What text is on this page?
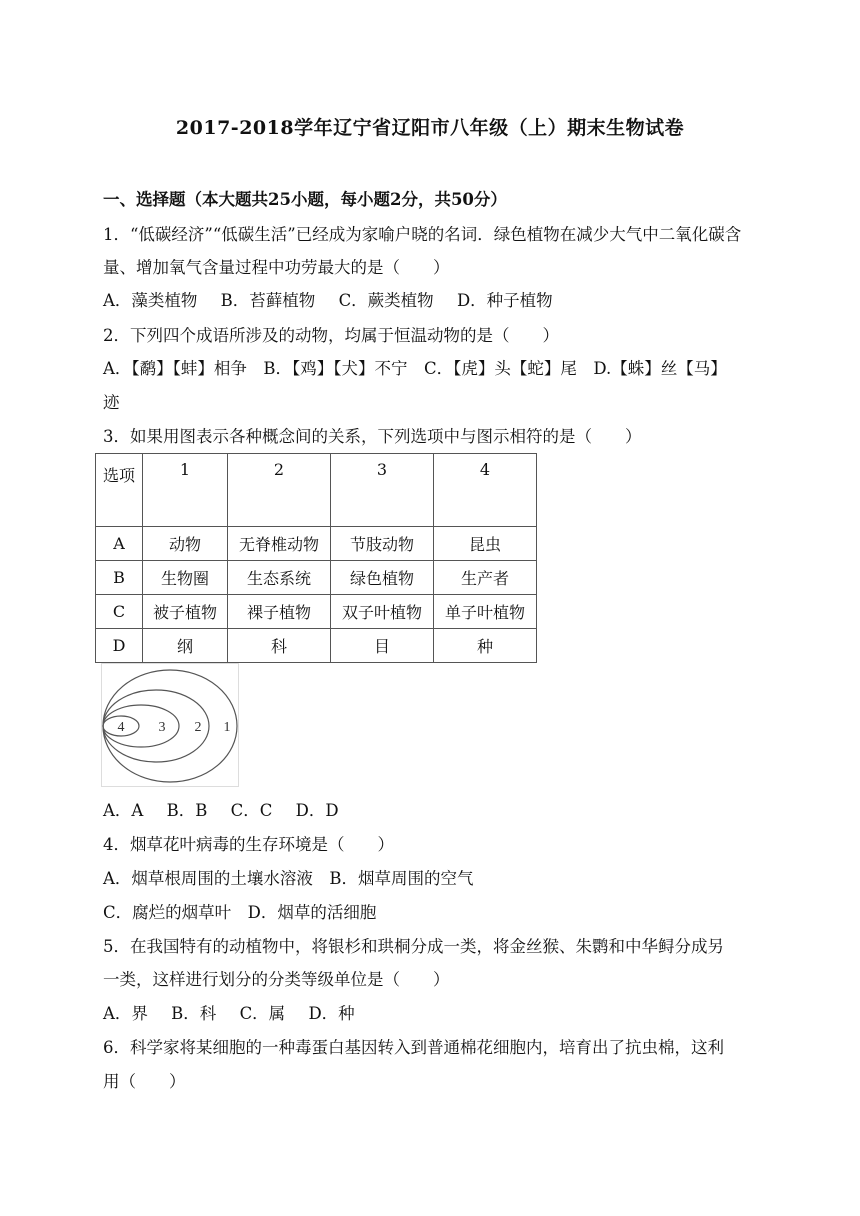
2017-2018学年辽宁省辽阳市八年级（上）期末生物试卷
一、选择题（本大题共25小题，每小题2分，共50分）
1．“低碳经济”“低碳生活”已经成为家喻户晓的名词．绿色植物在减少大气中二氧化碳含
量、增加氧气含量过程中功劳最大的是（　　）
A．藻类植物 B．苔藓植物 C．蕨类植物 D．种子植物
2．下列四个成语所涉及的动物，均属于恒温动物的是（　　）
A．【鹬】【蚌】相争　B．【鸡】【犬】不宁　C．【虎】头【蛇】尾　D.【蛛】丝【马】
迹
3．如果用图表示各种概念间的关系，下列选项中与图示相符的是（　　）
选项	1	2	3	4
A	动物	无脊椎动物	节肢动物	昆虫
B	生物圈	生态系统	绿色植物	生产者
C	被子植物	裸子植物	双子叶植物	单子叶植物
D	纲	科	目	种
4 3 2 1
A．A B．B C．C D．D
4．烟草花叶病毒的生存环境是（　　）
A．烟草根周围的土壤水溶液　B．烟草周围的空气
C．腐烂的烟草叶　D．烟草的活细胞
5．在我国特有的动植物中，将银杉和珙桐分成一类，将金丝猴、朱鹮和中华鲟分成另
一类，这样进行划分的分类等级单位是（　　）
A．界 B．科 C．属 D．种
6．科学家将某细胞的一种毒蛋白基因转入到普通棉花细胞内，培育出了抗虫棉，这利
用（　　）
